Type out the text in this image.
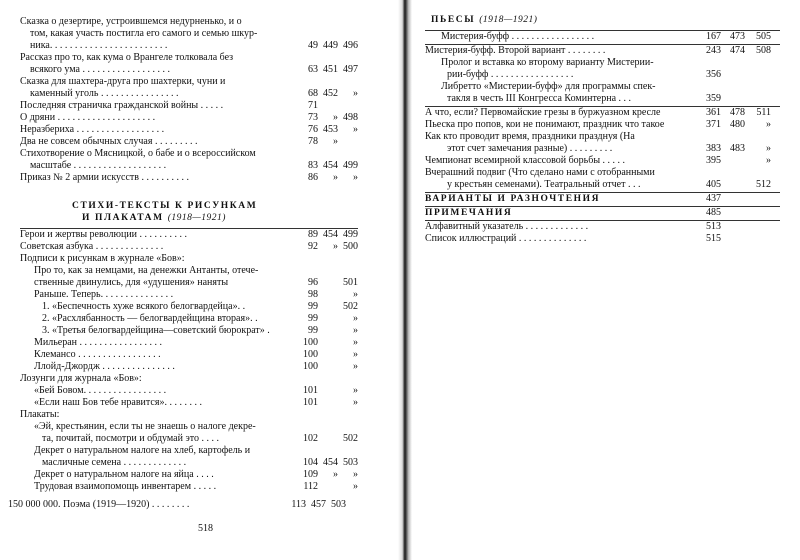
Сказка о дезертире, устроившемся недурненько, и о
том, какая участь постигла его самого и семью шкур-
ника. . . . . . . . . . . . . . . . . . . . . . . .	49 449 496
Рассказ про то, как кума о Врангеле толковала без
всякого ума . . . . . . . . . . . . . . . . . .	63 451 497
Сказка для шахтера-друга про шахтерки, чуни и
каменный уголь . . . . . . . . . . . . . . . .	68 452	»
Последняя страничка гражданской войны . . . . .	71
О дряни . . . . . . . . . . . . . . . . . . . .	73	» 498
Неразбериха . . . . . . . . . . . . . . . . . .	76 453	»
Два не совсем обычных случая . . . . . . . . .	78	»
Стихотворение о Мясницкой, о бабе и о всероссийском
масштабе . . . . . . . . . . . . . . . . . . .	83 454 499
Приказ № 2 армии искусств . . . . . . . . . .	86	»	»
СТИХИ-ТЕКСТЫ К РИСУНКАМ
И ПЛАКАТАМ (1918—1921)
Герои и жертвы революции . . . . . . . . . .	89 454 499
Советская азбука . . . . . . . . . . . . . .	92	» 500
Подписи к рисункам в журнале «Бов»:
Про то, как за немцами, на денежки Антанты, отече-
ственные двинулись, для «удушения» наняты	96	501
Раньше. Теперь. . . . . . . . . . . . . . .	98	»
1. «Беспечность хуже всякого белогвардейца». .	99	502
2. «Расхлябанность — белогвардейщина вторая». .	99	»
3. «Третья белогвардейщина—советский бюрократ» .	99	»
Мильеран . . . . . . . . . . . . . . . . .	100	»
Клемансо . . . . . . . . . . . . . . . . .	100	»
Ллойд-Джордж . . . . . . . . . . . . . . .	100	»
Лозунги для журнала «Бов»:
«Бей Бовом. . . . . . . . . . . . . . . . .	101	»
«Если наш Бов тебе нравится». . . . . . . .	101	»
Плакаты:
«Эй, крестьянин, если ты не знаешь о налоге декре-
та, почитай, посмотри и обдумай это . . . .	102	502
Декрет о натуральном налоге на хлеб, картофель и
масличные семена . . . . . . . . . . . . .	104 454 503
Декрет о натуральном налоге на яйца . . . .	109	»	»
Трудовая взаимопомощь инвентарем . . . . .	112	»
150 000 000. Поэма (1919—1920) . . . . . . . .	113 457 503
518
ПЬЕСЫ (1918—1921)
Мистерия-буфф . . . . . . . . . . . . . . . . .	167 473	505
Мистерия-буфф. Второй вариант . . . . . . . .	243 474	508
Пролог и вставка ко второму варианту Мистерии-
рии-буфф . . . . . . . . . . . . . . . . .	356
Либретто «Мистерии-буфф» для программы спек-
такля в честь III Конгресса Коминтерна . . .	359
А что, если? Первомайские грезы в буржуазном кресле	361 478	511
Пьеска про попов, кои не понимают, праздник что такое	371 480	»
Как кто проводит время, праздники празднуя (На
этот счет замечания разные) . . . . . . . . .	383 483	»
Чемпионат всемирной классовой борьбы . . . . .	395	»
Вчерашний подвиг (Что сделано нами с отобранными
у крестьян семенами). Театральный отчет . . .	405	512
ВАРИАНТЫ И РАЗНОЧТЕНИЯ	437
ПРИМЕЧАНИЯ	485
Алфавитный указатель . . . . . . . . . . . . .	513
Список иллюстраций . . . . . . . . . . . . . .	515
